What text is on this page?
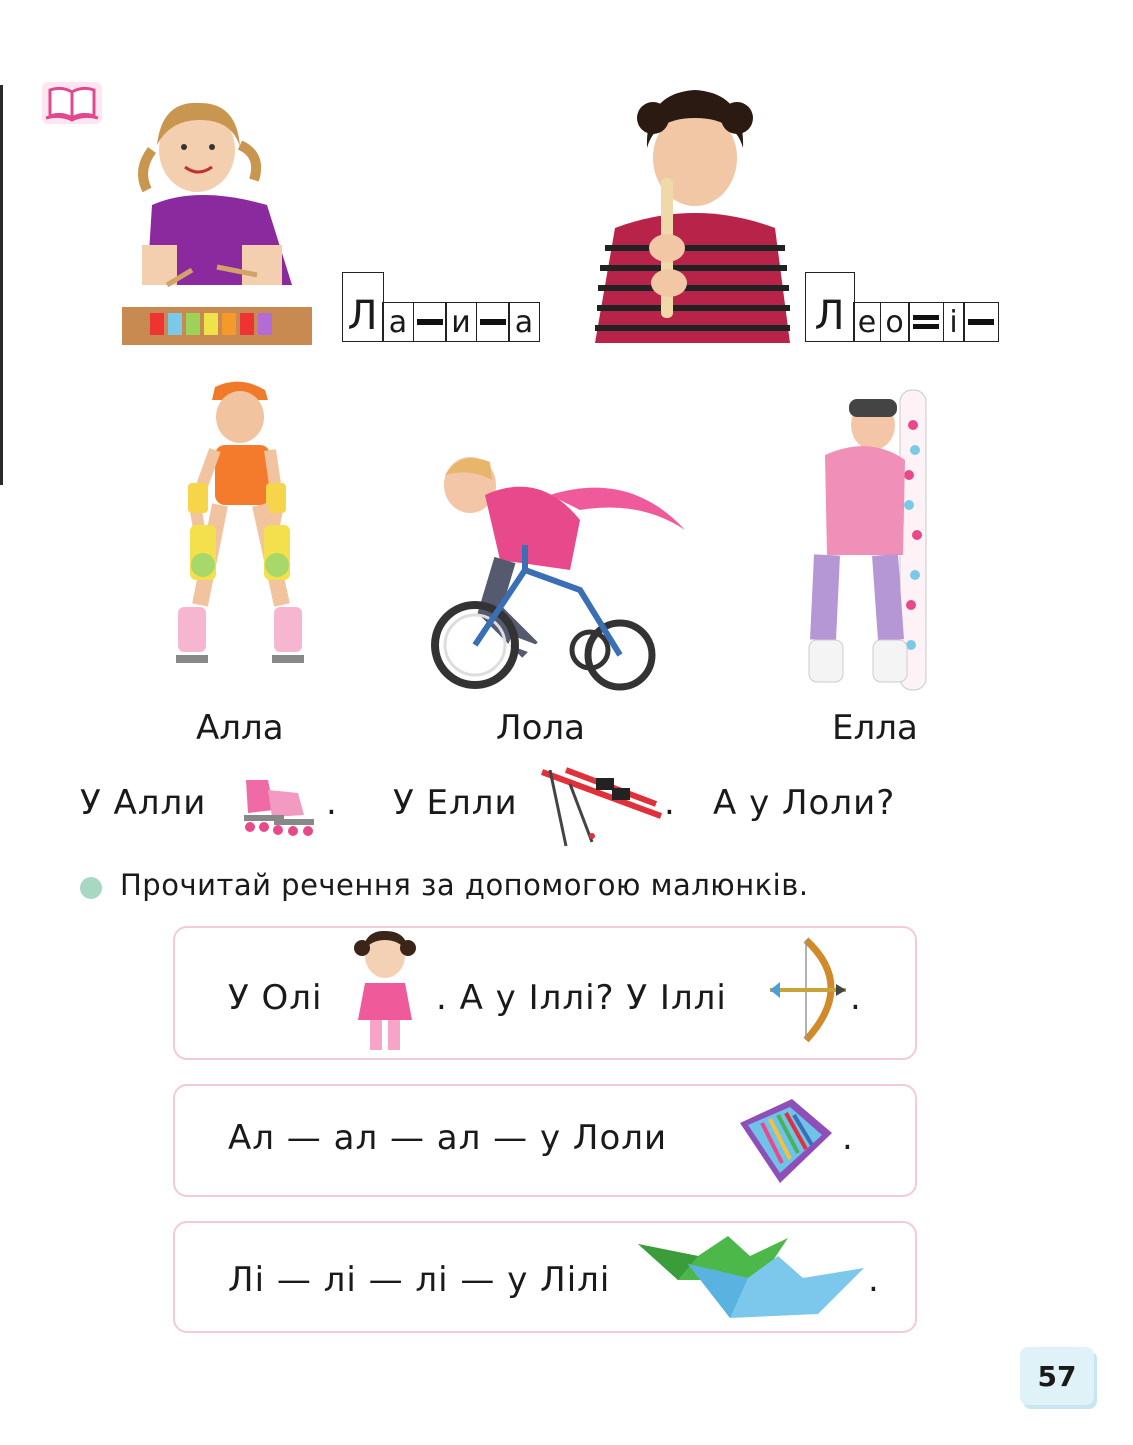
Л а и а	Л е о і
Алла	Лола	Елла
У Алли	. У Елли	. А у Лоли?
Прочитай речення за допомогою малюнків.
У Олі	. А у Іллі? У Іллі	.
Ал — ал — ал — у Лоли	.
Лі — лі — лі — у Лілі	.
57
